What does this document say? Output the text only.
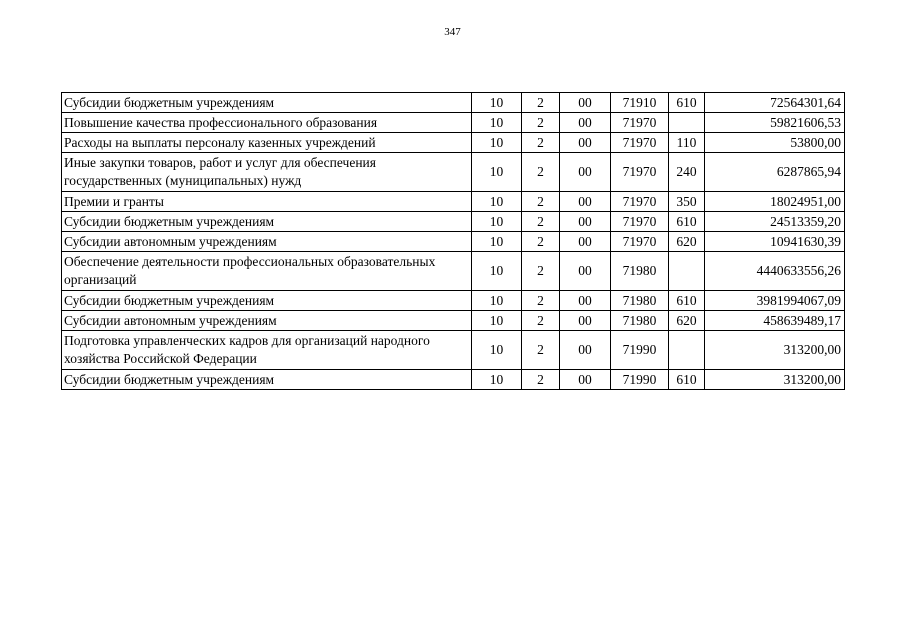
347
Субсидии бюджетным учреждениям	10	2	00	71910	610	72564301,64
Повышение качества профессионального образования	10	2	00	71970		59821606,53
Расходы на выплаты персоналу казенных учреждений	10	2	00	71970	110	53800,00
Иные закупки товаров, работ и услуг для обеспечения государственных (муниципальных) нужд	10	2	00	71970	240	6287865,94
Премии и гранты	10	2	00	71970	350	18024951,00
Субсидии бюджетным учреждениям	10	2	00	71970	610	24513359,20
Субсидии автономным учреждениям	10	2	00	71970	620	10941630,39
Обеспечение деятельности профессиональных образовательных организаций	10	2	00	71980		4440633556,26
Субсидии бюджетным учреждениям	10	2	00	71980	610	3981994067,09
Субсидии автономным учреждениям	10	2	00	71980	620	458639489,17
Подготовка управленческих кадров для организаций народного хозяйства Российской Федерации	10	2	00	71990		313200,00
Субсидии бюджетным учреждениям	10	2	00	71990	610	313200,00
